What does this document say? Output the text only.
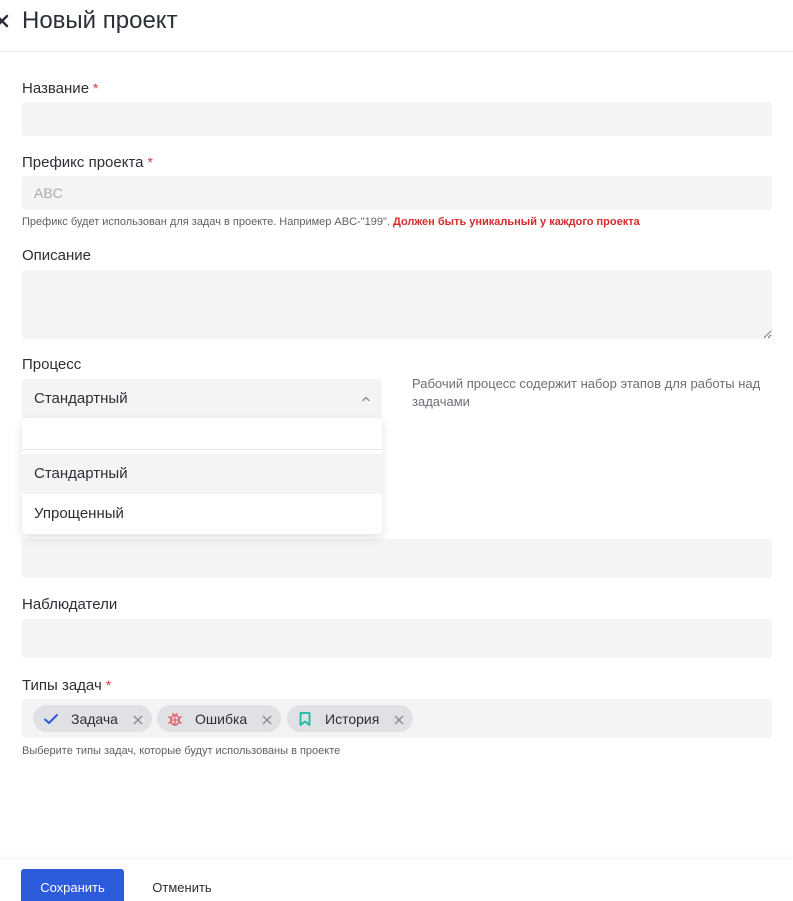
Новый проект
Название *
Префикс проекта *
ABC
Префикс будет использован для задач в проекте. Например ABC-"199". Должен быть уникальный у каждого проекта
Описание
Процесс
Стандартный
Рабочий процесс содержит набор этапов для работы над задачами
Наблюдатели
Типы задач *
Задача	Ошибка	История
Выберите типы задач, которые будут использованы в проекте
Стандартный
Упрощенный
Сохранить	Отменить
